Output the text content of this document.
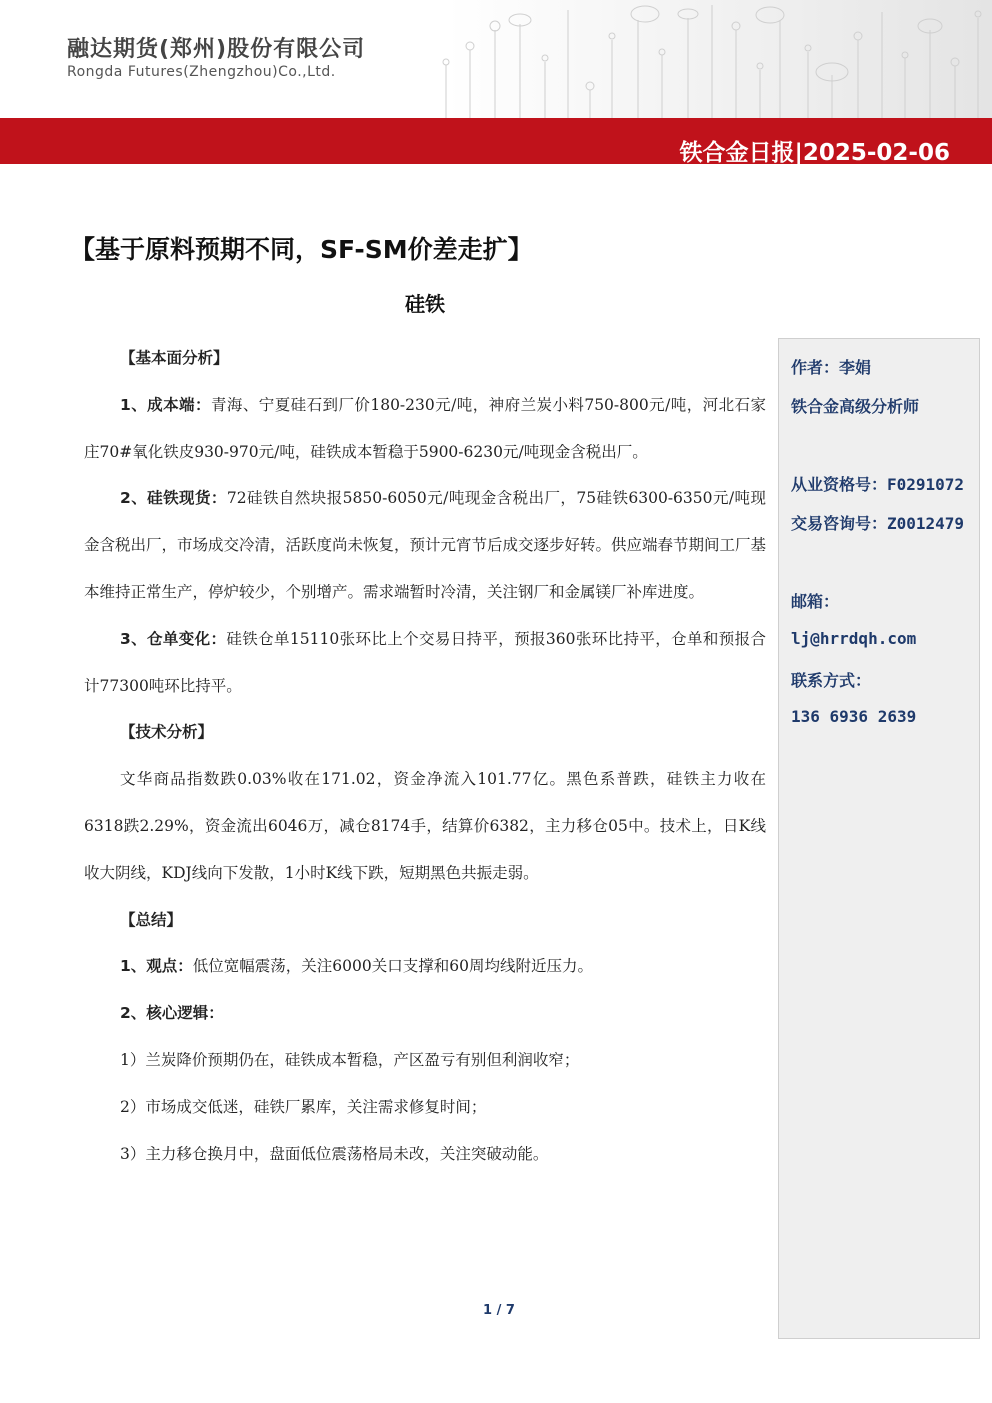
融达期货(郑州)股份有限公司
Rongda Futures(Zhengzhou)Co.,Ltd.
铁合金日报|2025-02-06
【基于原料预期不同，SF-SM价差走扩】
硅铁

【基本面分析】

1、成本端：青海、宁夏硅石到厂价180-230元/吨，神府兰炭小料750-800元/吨，河北石家庄70#氧化铁皮930-970元/吨，硅铁成本暂稳于5900-6230元/吨现金含税出厂。

2、硅铁现货：72硅铁自然块报5850-6050元/吨现金含税出厂，75硅铁6300-6350元/吨现金含税出厂，市场成交冷清，活跃度尚未恢复，预计元宵节后成交逐步好转。供应端春节期间工厂基本维持正常生产，停炉较少，个别增产。需求端暂时冷清，关注钢厂和金属镁厂补库进度。

3、仓单变化：硅铁仓单15110张环比上个交易日持平，预报360张环比持平，仓单和预报合计77300吨环比持平。

【技术分析】

文华商品指数跌0.03%收在171.02，资金净流入101.77亿。黑色系普跌，硅铁主力收在6318跌2.29%，资金流出6046万，减仓8174手，结算价6382，主力移仓05中。技术上，日K线收大阴线，KDJ线向下发散，1小时K线下跌，短期黑色共振走弱。

【总结】

1、观点：低位宽幅震荡，关注6000关口支撑和60周均线附近压力。

2、核心逻辑：

1）兰炭降价预期仍在，硅铁成本暂稳，产区盈亏有别但利润收窄；

2）市场成交低迷，硅铁厂累库，关注需求修复时间；

3）主力移仓换月中，盘面低位震荡格局未改，关注突破动能。

作者：李娟
铁合金高级分析师
从业资格号：F0291072
交易咨询号：Z0012479
邮箱：
lj@hrrdqh.com
联系方式：
136 6936 2639
1 / 7
